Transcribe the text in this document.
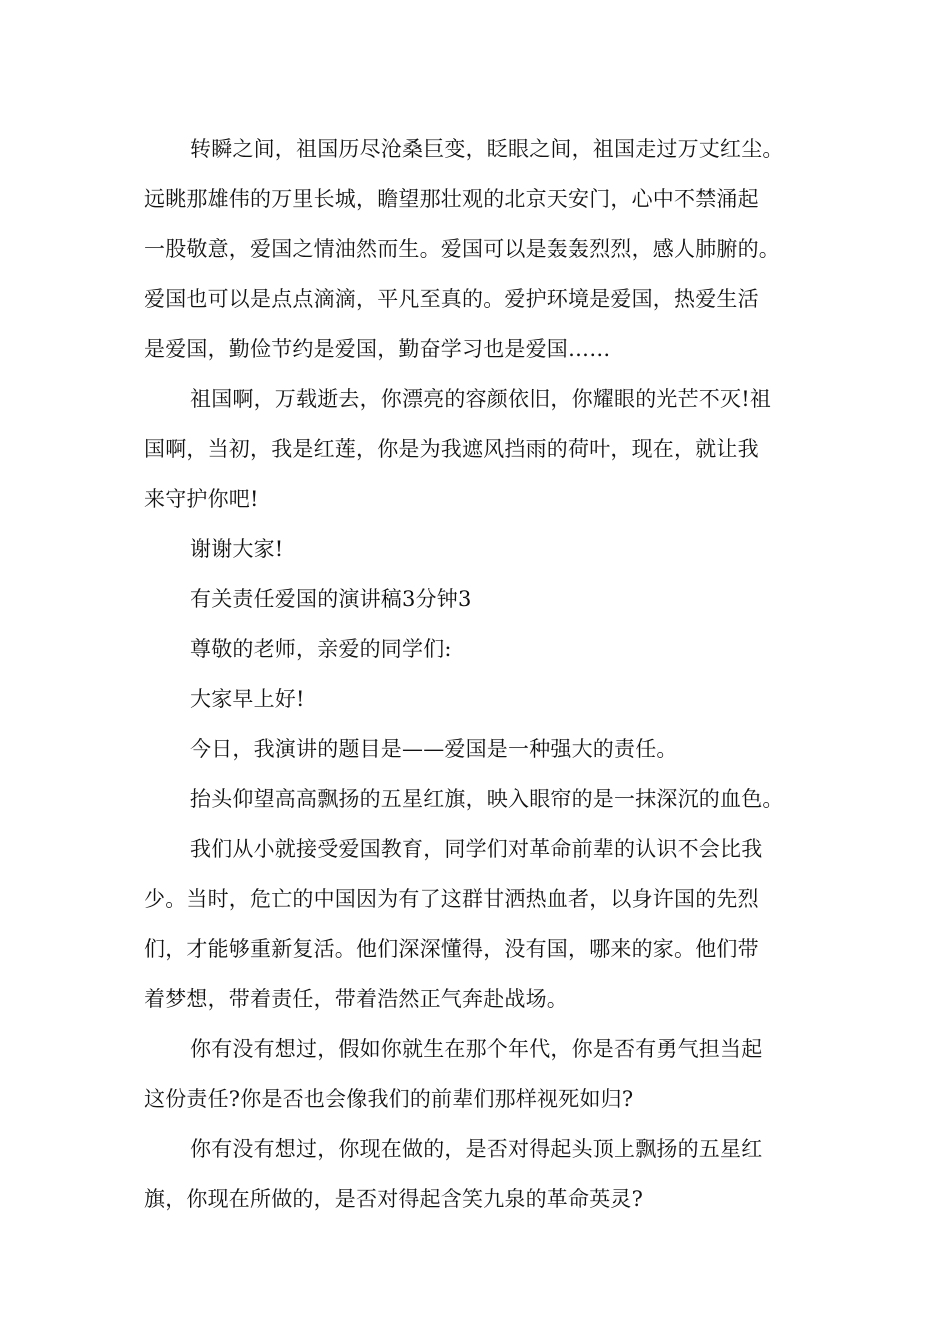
转瞬之间，祖国历尽沧桑巨变，眨眼之间，祖国走过万丈红尘。
远眺那雄伟的万里长城，瞻望那壮观的北京天安门，心中不禁涌起
一股敬意，爱国之情油然而生。爱国可以是轰轰烈烈，感人肺腑的。
爱国也可以是点点滴滴，平凡至真的。爱护环境是爱国，热爱生活
是爱国，勤俭节约是爱国，勤奋学习也是爱国……
祖国啊，万载逝去，你漂亮的容颜依旧，你耀眼的光芒不灭!祖
国啊，当初，我是红莲，你是为我遮风挡雨的荷叶，现在，就让我
来守护你吧!
谢谢大家!
有关责任爱国的演讲稿3分钟3
尊敬的老师，亲爱的同学们:
大家早上好!
今日，我演讲的题目是——爱国是一种强大的责任。
抬头仰望高高飘扬的五星红旗，映入眼帘的是一抹深沉的血色。
我们从小就接受爱国教育，同学们对革命前辈的认识不会比我
少。当时，危亡的中国因为有了这群甘洒热血者，以身许国的先烈
们，才能够重新复活。他们深深懂得，没有国，哪来的家。他们带
着梦想，带着责任，带着浩然正气奔赴战场。
你有没有想过，假如你就生在那个年代，你是否有勇气担当起
这份责任?你是否也会像我们的前辈们那样视死如归?
你有没有想过，你现在做的，是否对得起头顶上飘扬的五星红
旗，你现在所做的，是否对得起含笑九泉的革命英灵?
